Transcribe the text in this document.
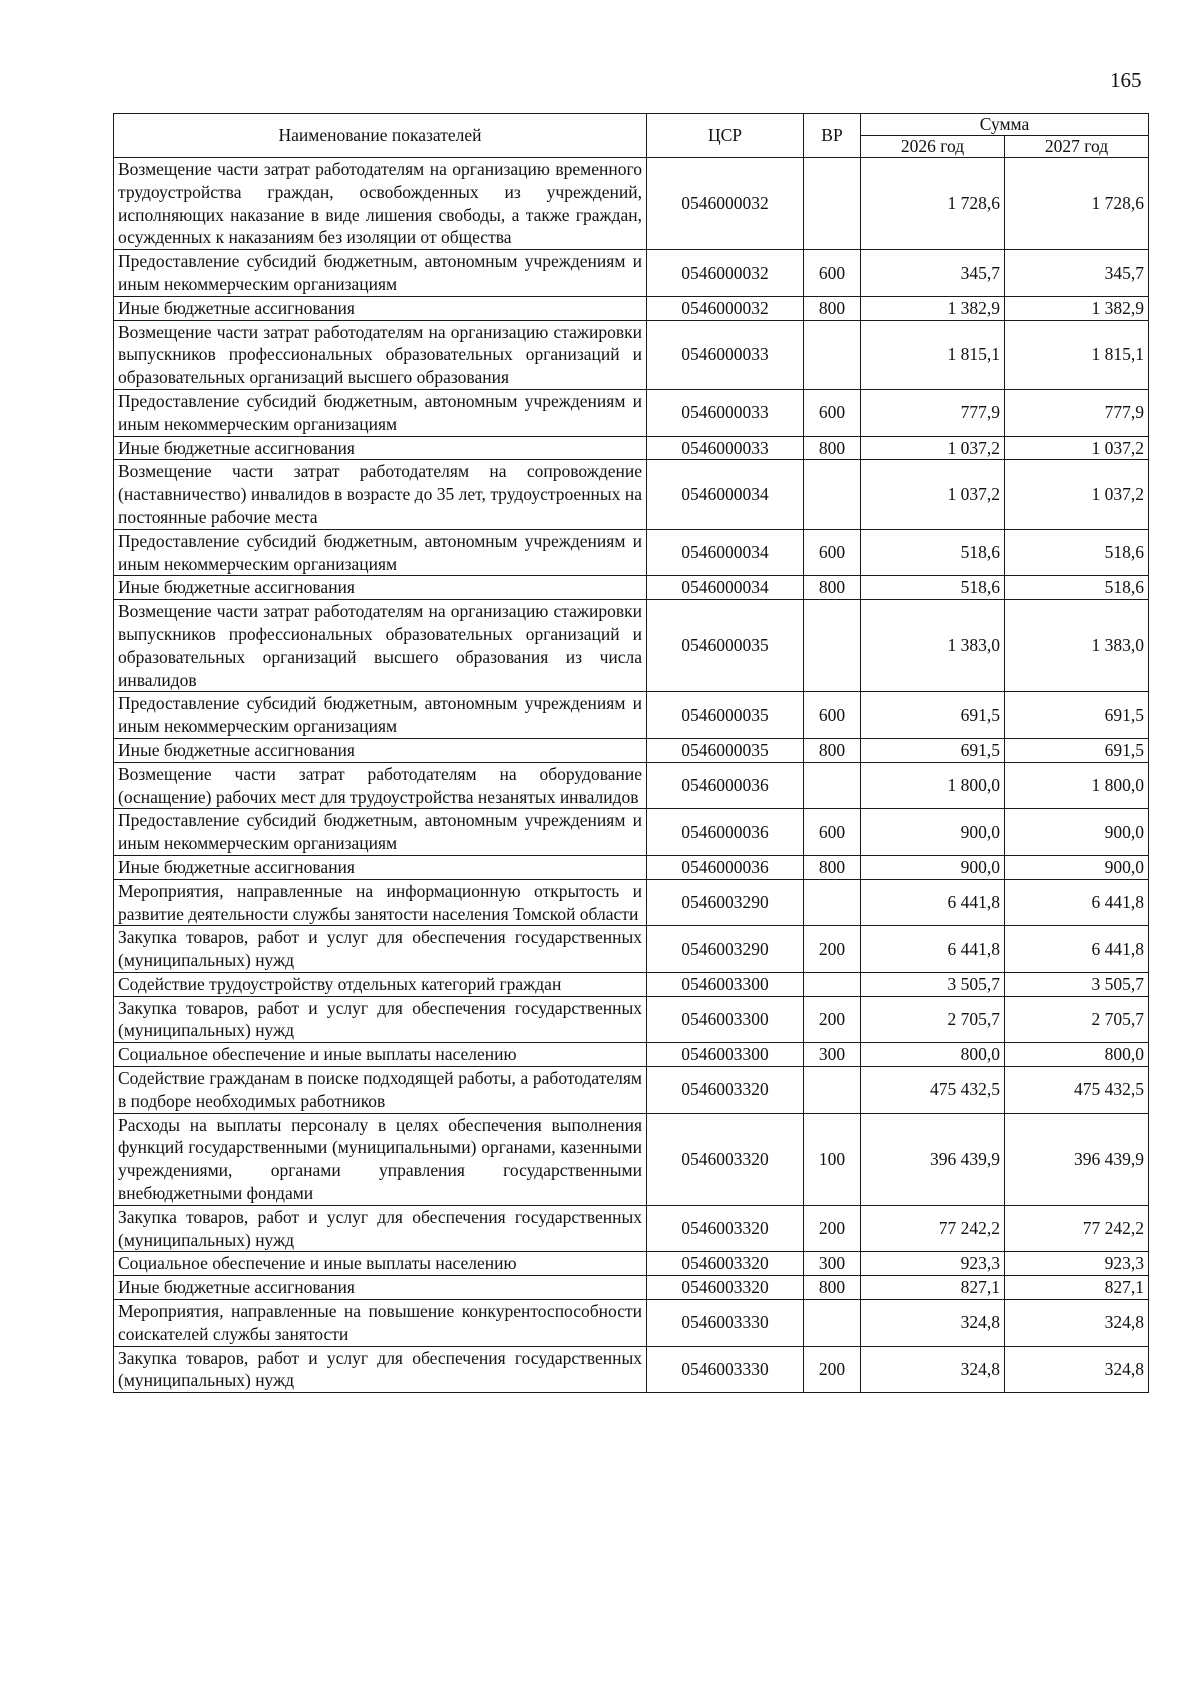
165
Наименование показателей	ЦСР	ВР	Сумма	
			2026 год	2027 год
Возмещение части затрат работодателям на организацию временного трудоустройства граждан, освобожденных из учреждений, исполняющих наказание в виде лишения свободы, а также граждан, осужденных к наказаниям без изоляции от общества	0546000032		1 728,6	1 728,6
Предоставление субсидий бюджетным, автономным учреждениям и иным некоммерческим организациям	0546000032	600	345,7	345,7
Иные бюджетные ассигнования	0546000032	800	1 382,9	1 382,9
Возмещение части затрат работодателям на организацию стажировки выпускников профессиональных образовательных организаций и образовательных организаций высшего образования	0546000033		1 815,1	1 815,1
Предоставление субсидий бюджетным, автономным учреждениям и иным некоммерческим организациям	0546000033	600	777,9	777,9
Иные бюджетные ассигнования	0546000033	800	1 037,2	1 037,2
Возмещение части затрат работодателям на сопровождение (наставничество) инвалидов в возрасте до 35 лет, трудоустроенных на постоянные рабочие места	0546000034		1 037,2	1 037,2
Предоставление субсидий бюджетным, автономным учреждениям и иным некоммерческим организациям	0546000034	600	518,6	518,6
Иные бюджетные ассигнования	0546000034	800	518,6	518,6
Возмещение части затрат работодателям на организацию стажировки выпускников профессиональных образовательных организаций и образовательных организаций высшего образования из числа инвалидов	0546000035		1 383,0	1 383,0
Предоставление субсидий бюджетным, автономным учреждениям и иным некоммерческим организациям	0546000035	600	691,5	691,5
Иные бюджетные ассигнования	0546000035	800	691,5	691,5
Возмещение части затрат работодателям на оборудование (оснащение) рабочих мест для трудоустройства незанятых инвалидов	0546000036		1 800,0	1 800,0
Предоставление субсидий бюджетным, автономным учреждениям и иным некоммерческим организациям	0546000036	600	900,0	900,0
Иные бюджетные ассигнования	0546000036	800	900,0	900,0
Мероприятия, направленные на информационную открытость и развитие деятельности службы занятости населения Томской области	0546003290		6 441,8	6 441,8
Закупка товаров, работ и услуг для обеспечения государственных (муниципальных) нужд	0546003290	200	6 441,8	6 441,8
Содействие трудоустройству отдельных категорий граждан	0546003300		3 505,7	3 505,7
Закупка товаров, работ и услуг для обеспечения государственных (муниципальных) нужд	0546003300	200	2 705,7	2 705,7
Социальное обеспечение и иные выплаты населению	0546003300	300	800,0	800,0
Содействие гражданам в поиске подходящей работы, а работодателям в подборе необходимых работников	0546003320		475 432,5	475 432,5
Расходы на выплаты персоналу в целях обеспечения выполнения функций государственными (муниципальными) органами, казенными учреждениями, органами управления государственными внебюджетными фондами	0546003320	100	396 439,9	396 439,9
Закупка товаров, работ и услуг для обеспечения государственных (муниципальных) нужд	0546003320	200	77 242,2	77 242,2
Социальное обеспечение и иные выплаты населению	0546003320	300	923,3	923,3
Иные бюджетные ассигнования	0546003320	800	827,1	827,1
Мероприятия, направленные на повышение конкурентоспособности соискателей службы занятости	0546003330		324,8	324,8
Закупка товаров, работ и услуг для обеспечения государственных (муниципальных) нужд	0546003330	200	324,8	324,8
